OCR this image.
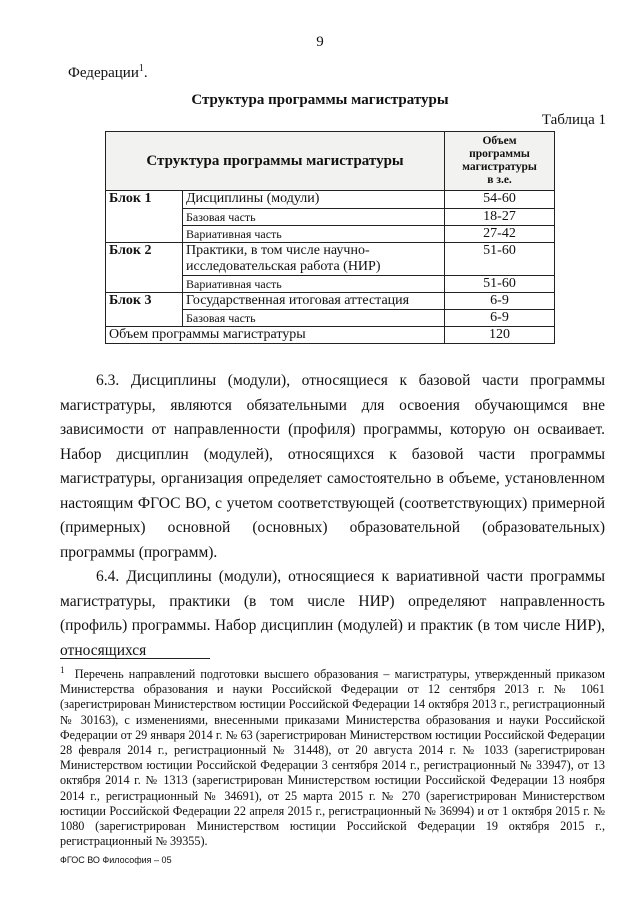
9
Федерации$^1$.
Структура программы магистратуры
Таблица 1
Структура программы магистратуры		Объем
программы
магистратуры
в з.е.

Блок 1	Дисциплины (модули)	54-60
	Базовая часть	18-27
	Вариативная часть	27-42
Блок 2	Практики, в том числе научно-исследовательская работа (НИР)	51-60
	Вариативная часть	51-60
Блок 3	Государственная итоговая аттестация	6-9
	Базовая часть	6-9
Объем программы магистратуры		120

6.3. Дисциплины (модули), относящиеся к базовой части программы магистратуры, являются обязательными для освоения обучающимся вне зависимости от направленности (профиля) программы, которую он осваивает. Набор дисциплин (модулей), относящихся к базовой части программы магистратуры, организация определяет самостоятельно в объеме, установленном настоящим ФГОС ВО, с учетом соответствующей (соответствующих) примерной (примерных) основной (основных) образовательной (образовательных) программы (программ).

6.4. Дисциплины (модули), относящиеся к вариативной части программы магистратуры, практики (в том числе НИР) определяют направленность (профиль) программы. Набор дисциплин (модулей) и практик (в том числе НИР), относящихся

$^1$ Перечень направлений подготовки высшего образования – магистратуры, утвержденный приказом Министерства образования и науки Российской Федерации от 12 сентября 2013 г. № 1061 (зарегистрирован Министерством юстиции Российской Федерации 14 октября 2013 г., регистрационный № 30163), с изменениями, внесенными приказами Министерства образования и науки Российской Федерации от 29 января 2014 г. № 63 (зарегистрирован Министерством юстиции Российской Федерации 28 февраля 2014 г., регистрационный № 31448), от 20 августа 2014 г. № 1033 (зарегистрирован Министерством юстиции Российской Федерации 3 сентября 2014 г., регистрационный № 33947), от 13 октября 2014 г. № 1313 (зарегистрирован Министерством юстиции Российской Федерации 13 ноября 2014 г., регистрационный № 34691), от 25 марта 2015 г. № 270 (зарегистрирован Министерством юстиции Российской Федерации 22 апреля 2015 г., регистрационный № 36994) и от 1 октября 2015 г. № 1080 (зарегистрирован Министерством юстиции Российской Федерации 19 октября 2015 г., регистрационный № 39355).

ФГОС ВО Философия – 05
